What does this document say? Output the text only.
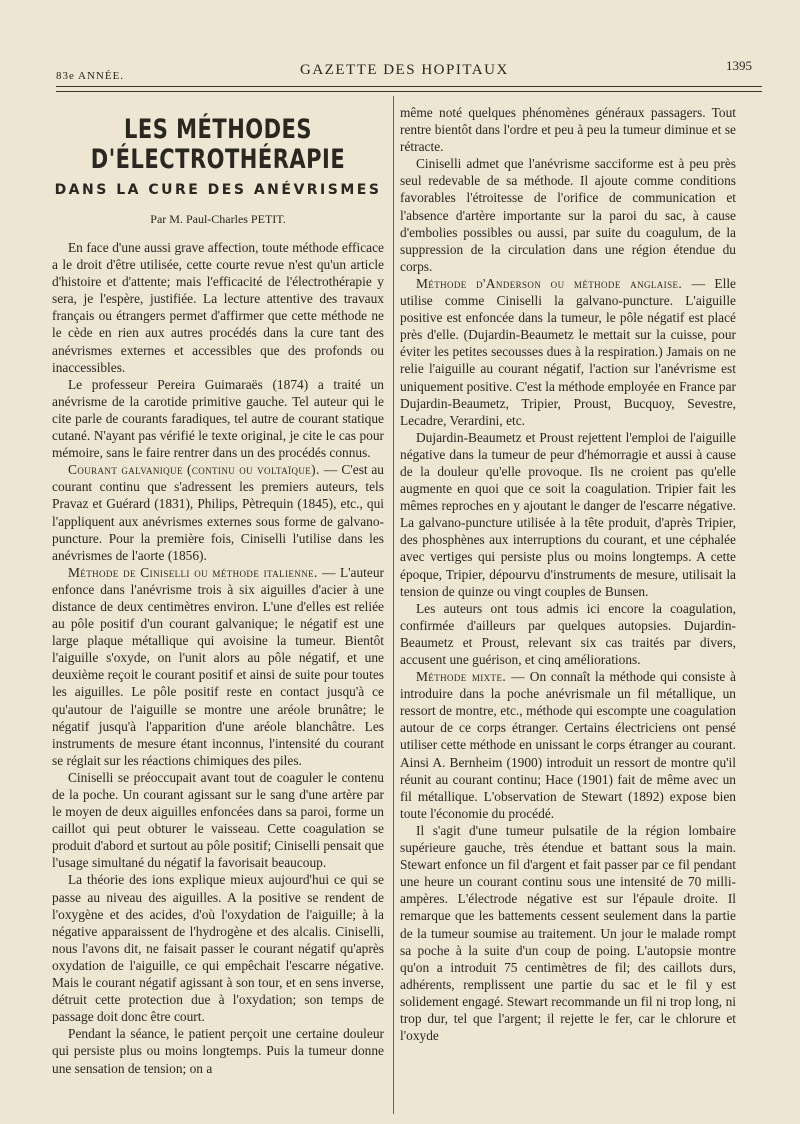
83e ANNÉE.	GAZETTE DES HOPITAUX	1395
LES MÉTHODES D'ÉLECTROTHÉRAPIE
DANS LA CURE DES ANÉVRISMES
Par M. Paul-Charles PETIT.

En face d'une aussi grave affection, toute méthode efficace a le droit d'être utilisée, cette courte revue n'est qu'un article d'histoire et d'attente; mais l'efficacité de l'électrothérapie y sera, je l'espère, justifiée. La lecture attentive des travaux français ou étrangers permet d'affirmer que cette méthode ne le cède en rien aux autres procédés dans la cure tant des anévrismes externes et accessibles que des profonds ou inaccessibles.

Le professeur Pereira Guimaraës (1874) a traité un anévrisme de la carotide primitive gauche. Tel auteur qui le cite parle de courants faradiques, tel autre de courant statique cutané. N'ayant pas vérifié le texte original, je cite le cas pour mémoire, sans le faire rentrer dans un des procédés connus.

Courant galvanique (continu ou voltaïque). — C'est au courant continu que s'adressent les premiers auteurs, tels Pravaz et Guérard (1831), Philips, Pètrequin (1845), etc., qui l'appliquent aux anévrismes externes sous forme de galvano-puncture. Pour la première fois, Ciniselli l'utilise dans les anévrismes de l'aorte (1856).

Méthode de Ciniselli ou méthode italienne. — L'auteur enfonce dans l'anévrisme trois à six aiguilles d'acier à une distance de deux centimètres environ. L'une d'elles est reliée au pôle positif d'un courant galvanique; le négatif est une large plaque métallique qui avoisine la tumeur. Bientôt l'aiguille s'oxyde, on l'unit alors au pôle négatif, et une deuxième reçoit le courant positif et ainsi de suite pour toutes les aiguilles. Le pôle positif reste en contact jusqu'à ce qu'autour de l'aiguille se montre une aréole brunâtre; le négatif jusqu'à l'apparition d'une aréole blanchâtre. Les instruments de mesure étant inconnus, l'intensité du courant se réglait sur les réactions chimiques des piles.

Ciniselli se préoccupait avant tout de coaguler le contenu de la poche. Un courant agissant sur le sang d'une artère par le moyen de deux aiguilles enfoncées dans sa paroi, forme un caillot qui peut obturer le vaisseau. Cette coagulation se produit d'abord et surtout au pôle positif; Ciniselli pensait que l'usage simultané du négatif la favorisait beaucoup.

La théorie des ions explique mieux aujourd'hui ce qui se passe au niveau des aiguilles. A la positive se rendent de l'oxygène et des acides, d'où l'oxydation de l'aiguille; à la négative apparaissent de l'hydrogène et des alcalis. Ciniselli, nous l'avons dit, ne faisait passer le courant négatif qu'après oxydation de l'aiguille, ce qui empêchait l'escarre négative. Mais le courant négatif agissant à son tour, et en sens inverse, détruit cette protection due à l'oxydation; son temps de passage doit donc être court.

Pendant la séance, le patient perçoit une certaine douleur qui persiste plus ou moins longtemps. Puis la tumeur donne une sensation de tension; on a

même noté quelques phénomènes généraux passagers. Tout rentre bientôt dans l'ordre et peu à peu la tumeur diminue et se rétracte.

Ciniselli admet que l'anévrisme sacciforme est à peu près seul redevable de sa méthode. Il ajoute comme conditions favorables l'étroitesse de l'orifice de communication et l'absence d'artère importante sur la paroi du sac, à cause d'embolies possibles ou aussi, par suite du coagulum, de la suppression de la circulation dans une région étendue du corps.

Méthode d'Anderson ou méthode anglaise. — Elle utilise comme Ciniselli la galvano-puncture. L'aiguille positive est enfoncée dans la tumeur, le pôle négatif est placé près d'elle. (Dujardin-Beaumetz le mettait sur la cuisse, pour éviter les petites secousses dues à la respiration.) Jamais on ne relie l'aiguille au courant négatif, l'action sur l'anévrisme est uniquement positive. C'est la méthode employée en France par Dujardin-Beaumetz, Tripier, Proust, Bucquoy, Sevestre, Lecadre, Verardini, etc.

Dujardin-Beaumetz et Proust rejettent l'emploi de l'aiguille négative dans la tumeur de peur d'hémorragie et aussi à cause de la douleur qu'elle provoque. Ils ne croient pas qu'elle augmente en quoi que ce soit la coagulation. Tripier fait les mêmes reproches en y ajoutant le danger de l'escarre négative. La galvano-puncture utilisée à la tête produit, d'après Tripier, des phosphènes aux interruptions du courant, et une céphalée avec vertiges qui persiste plus ou moins longtemps. A cette époque, Tripier, dépourvu d'instruments de mesure, utilisait la tension de quinze ou vingt couples de Bunsen.

Les auteurs ont tous admis ici encore la coagulation, confirmée d'ailleurs par quelques autopsies. Dujardin-Beaumetz et Proust, relevant six cas traités par divers, accusent une guérison, et cinq améliorations.

Méthode mixte. — On connaît la méthode qui consiste à introduire dans la poche anévrismale un fil métallique, un ressort de montre, etc., méthode qui escompte une coagulation autour de ce corps étranger. Certains électriciens ont pensé utiliser cette méthode en unissant le corps étranger au courant. Ainsi A. Bernheim (1900) introduit un ressort de montre qu'il réunit au courant continu; Hace (1901) fait de même avec un fil métallique. L'observation de Stewart (1892) expose bien toute l'économie du procédé.

Il s'agit d'une tumeur pulsatile de la région lombaire supérieure gauche, très étendue et battant sous la main. Stewart enfonce un fil d'argent et fait passer par ce fil pendant une heure un courant continu sous une intensité de 70 milli-ampères. L'électrode négative est sur l'épaule droite. Il remarque que les battements cessent seulement dans la partie de la tumeur soumise au traitement. Un jour le malade rompt sa poche à la suite d'un coup de poing. L'autopsie montre qu'on a introduit 75 centimètres de fil; des caillots durs, adhérents, remplissent une partie du sac et le fil y est solidement engagé. Stewart recommande un fil ni trop long, ni trop dur, tel que l'argent; il rejette le fer, car le chlorure et l'oxyde
